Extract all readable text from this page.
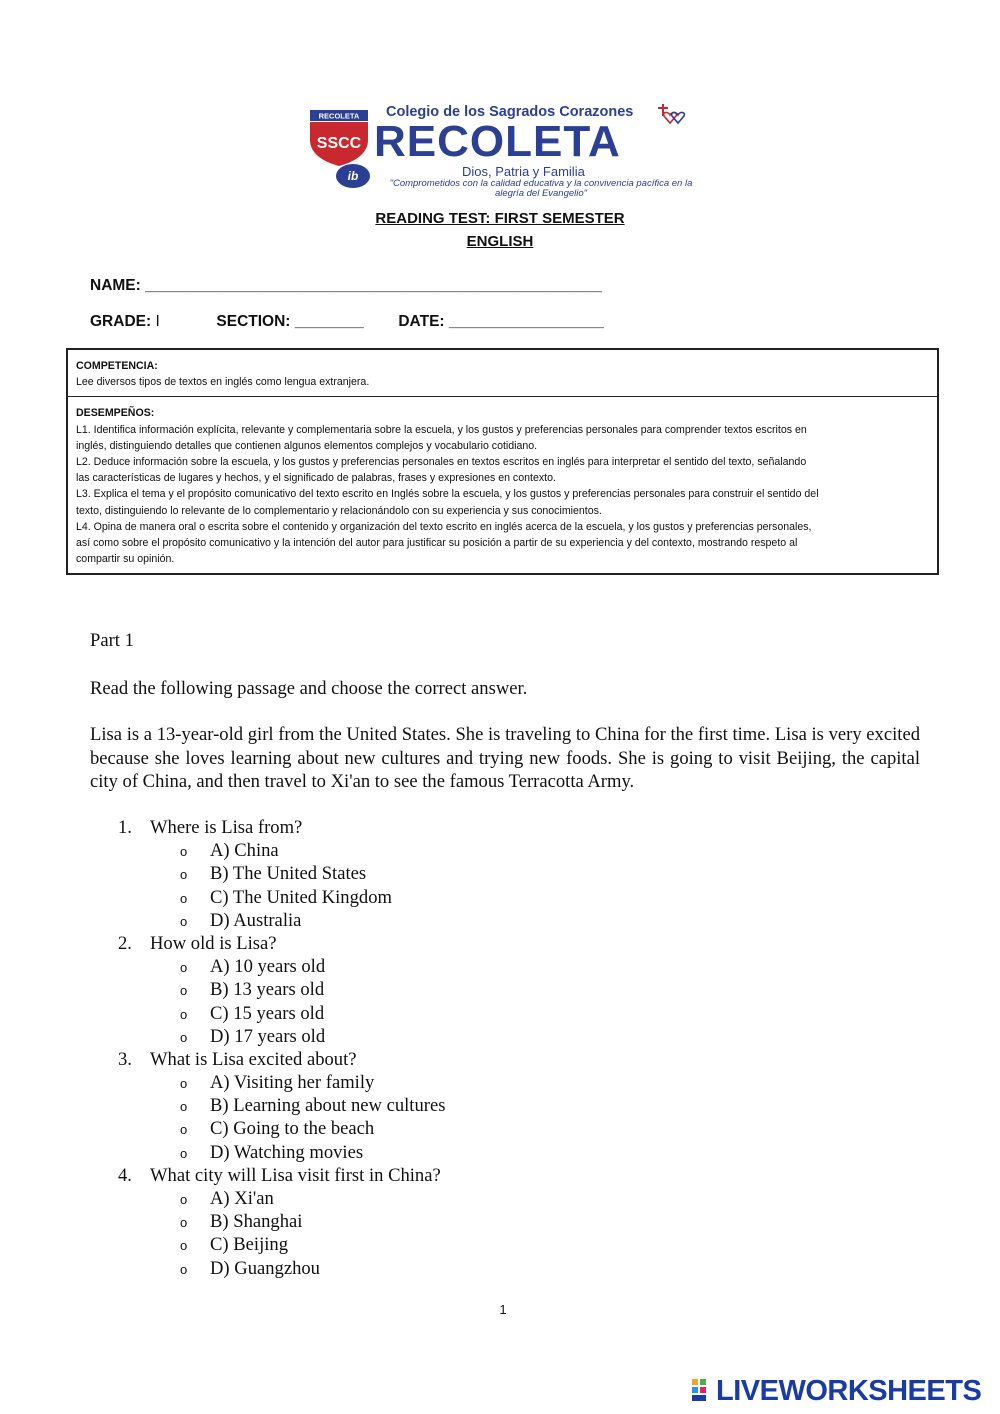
RECOLETA
SSCC
Colegio de los Sagrados Corazones
RECOLETA
ib	Dios, Patria y Familia
"Comprometidos con la calidad educativa y la convivencia pacífica en la alegría del Evangelio"
READING TEST: FIRST SEMESTER
ENGLISH
NAME: _____________________________________________________
GRADE: I	SECTION: ________ DATE: __________________
COMPETENCIA:
Lee diversos tipos de textos en inglés como lengua extranjera.
DESEMPEÑOS:
L1. Identifica información explícita, relevante y complementaria sobre la escuela, y los gustos y preferencias personales para comprender textos escritos en
inglés, distinguiendo detalles que contienen algunos elementos complejos y vocabulario cotidiano.
L2. Deduce información sobre la escuela, y los gustos y preferencias personales en textos escritos en inglés para interpretar el sentido del texto, señalando
las características de lugares y hechos, y el significado de palabras, frases y expresiones en contexto.
L3. Explica el tema y el propósito comunicativo del texto escrito en Inglés sobre la escuela, y los gustos y preferencias personales para construir el sentido del
texto, distinguiendo lo relevante de lo complementario y relacionándolo con su experiencia y sus conocimientos.
L4. Opina de manera oral o escrita sobre el contenido y organización del texto escrito en inglés acerca de la escuela, y los gustos y preferencias personales,
así como sobre el propósito comunicativo y la intención del autor para justificar su posición a partir de su experiencia y del contexto, mostrando respeto al
compartir su opinión.
Part 1
Read the following passage and choose the correct answer.
Lisa is a 13-year-old girl from the United States. She is traveling to China for the first time. Lisa is very excited because she loves learning about new cultures and trying new foods. She is going to visit Beijing, the capital city of China, and then travel to Xi'an to see the famous Terracotta Army.
1. Where is Lisa from?
o A) China
o B) The United States
o C) The United Kingdom
o D) Australia
2. How old is Lisa?
o A) 10 years old
o B) 13 years old
o C) 15 years old
o D) 17 years old
3. What is Lisa excited about?
o A) Visiting her family
o B) Learning about new cultures
o C) Going to the beach
o D) Watching movies
4. What city will Lisa visit first in China?
o A) Xi'an
o B) Shanghai
o C) Beijing
o D) Guangzhou
1
LIVEWORKSHEETS
